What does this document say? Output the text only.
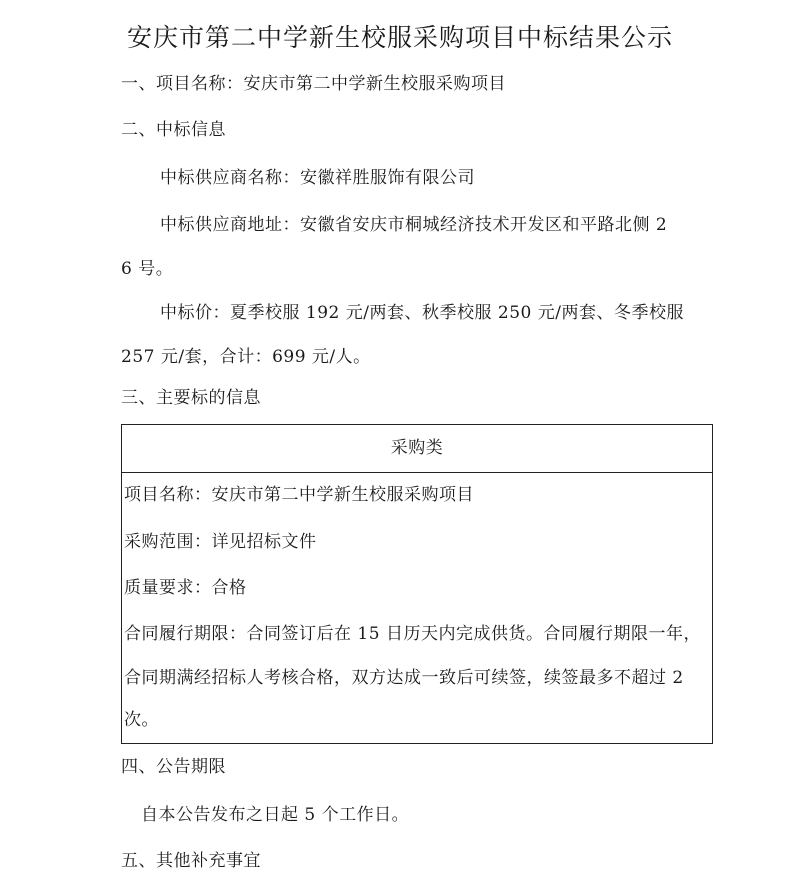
安庆市第二中学新生校服采购项目中标结果公示
一、项目名称：安庆市第二中学新生校服采购项目
二、中标信息
中标供应商名称：安徽祥胜服饰有限公司
中标供应商地址：安徽省安庆市桐城经济技术开发区和平路北侧 2
6 号。
中标价：夏季校服 192 元/两套、秋季校服 250 元/两套、冬季校服
257 元/套，合计：699 元/人。
三、主要标的信息
采购类
项目名称：安庆市第二中学新生校服采购项目
采购范围：详见招标文件
质量要求：合格
合同履行期限：合同签订后在 15 日历天内完成供货。合同履行期限一年，
合同期满经招标人考核合格，双方达成一致后可续签，续签最多不超过 2
次。
四、公告期限
自本公告发布之日起 5 个工作日。
五、其他补充事宜
